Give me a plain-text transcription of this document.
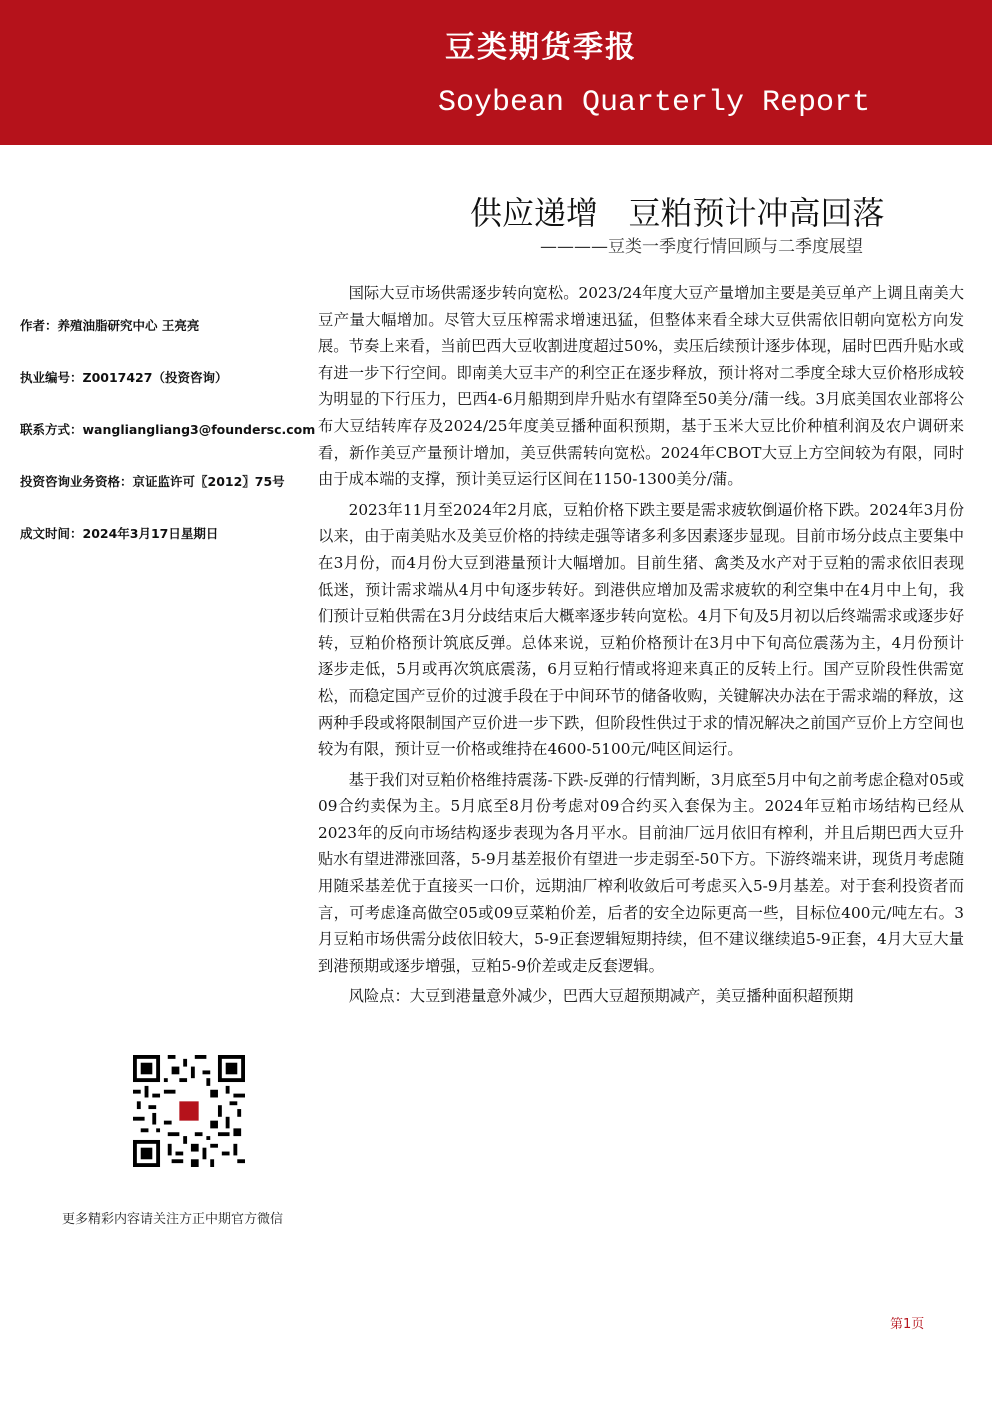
豆类期货季报
Soybean Quarterly Report
供应递增   豆粕预计冲高回落
————豆类一季度行情回顾与二季度展望
作者：养殖油脂研究中心 王亮亮
执业编号：Z0017427（投资咨询）
联系方式：wangliangliang3@foundersc.com
投资咨询业务资格：京证监许可〖2012〗75号
成文时间：2024年3月17日星期日

国际大豆市场供需逐步转向宽松。2023/24年度大豆产量增加主要是美豆单产上调且南美大豆产量大幅增加。尽管大豆压榨需求增速迅猛，但整体来看全球大豆供需依旧朝向宽松方向发展。节奏上来看，当前巴西大豆收割进度超过50%，卖压后续预计逐步体现，届时巴西升贴水或有进一步下行空间。即南美大豆丰产的利空正在逐步释放，预计将对二季度全球大豆价格形成较为明显的下行压力，巴西4-6月船期到岸升贴水有望降至50美分/蒲一线。3月底美国农业部将公布大豆结转库存及2024/25年度美豆播种面积预期，基于玉米大豆比价种植利润及农户调研来看，新作美豆产量预计增加，美豆供需转向宽松。2024年CBOT大豆上方空间较为有限，同时由于成本端的支撑，预计美豆运行区间在1150-1300美分/蒲。

2023年11月至2024年2月底，豆粕价格下跌主要是需求疲软倒逼价格下跌。2024年3月份以来，由于南美贴水及美豆价格的持续走强等诸多利多因素逐步显现。目前市场分歧点主要集中在3月份，而4月份大豆到港量预计大幅增加。目前生猪、禽类及水产对于豆粕的需求依旧表现低迷，预计需求端从4月中旬逐步转好。到港供应增加及需求疲软的利空集中在4月中上旬，我们预计豆粕供需在3月分歧结束后大概率逐步转向宽松。4月下旬及5月初以后终端需求或逐步好转，豆粕价格预计筑底反弹。总体来说，豆粕价格预计在3月中下旬高位震荡为主，4月份预计逐步走低，5月或再次筑底震荡，6月豆粕行情或将迎来真正的反转上行。国产豆阶段性供需宽松，而稳定国产豆价的过渡手段在于中间环节的储备收购，关键解决办法在于需求端的释放，这两种手段或将限制国产豆价进一步下跌，但阶段性供过于求的情况解决之前国产豆价上方空间也较为有限，预计豆一价格或维持在4600-5100元/吨区间运行。

基于我们对豆粕价格维持震荡-下跌-反弹的行情判断，3月底至5月中旬之前考虑企稳对05或09合约卖保为主。5月底至8月份考虑对09合约买入套保为主。2024年豆粕市场结构已经从2023年的反向市场结构逐步表现为各月平水。目前油厂远月依旧有榨利，并且后期巴西大豆升贴水有望进滞涨回落，5-9月基差报价有望进一步走弱至-50下方。下游终端来讲，现货月考虑随用随采基差优于直接买一口价，远期油厂榨利收敛后可考虑买入5-9月基差。对于套利投资者而言，可考虑逢高做空05或09豆菜粕价差，后者的安全边际更高一些，目标位400元/吨左右。3月豆粕市场供需分歧依旧较大，5-9正套逻辑短期持续，但不建议继续追5-9正套，4月大豆大量到港预期或逐步增强，豆粕5-9价差或走反套逻辑。

风险点：大豆到港量意外减少，巴西大豆超预期减产，美豆播种面积超预期

更多精彩内容请关注方正中期官方微信
第1页
